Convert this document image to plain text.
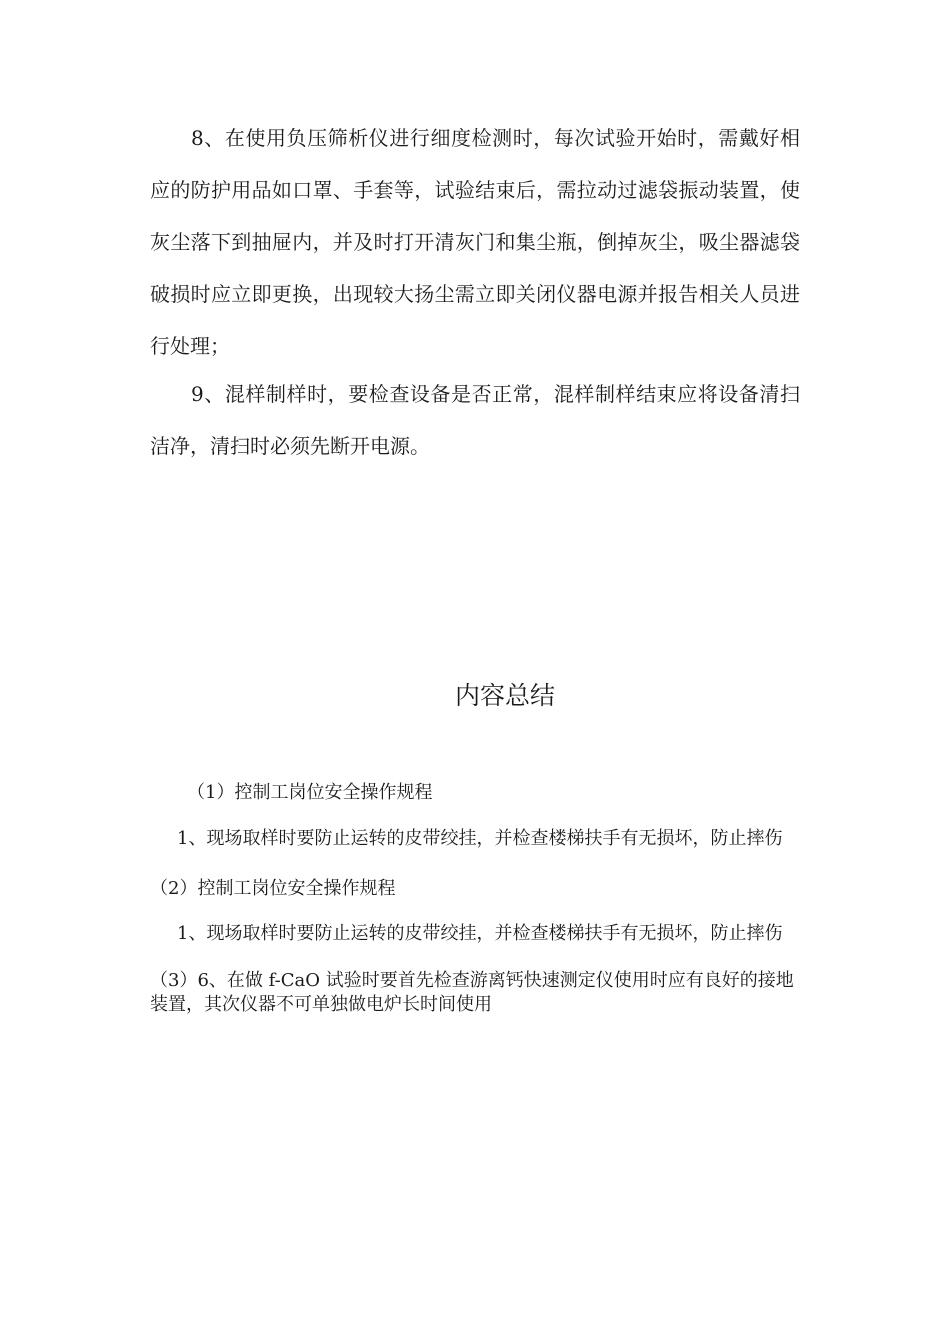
8、在使用负压筛析仪进行细度检测时，每次试验开始时，需戴好相应的防护用品如口罩、手套等，试验结束后，需拉动过滤袋振动装置，使灰尘落下到抽屉内，并及时打开清灰门和集尘瓶，倒掉灰尘，吸尘器滤袋破损时应立即更换，出现较大扬尘需立即关闭仪器电源并报告相关人员进行处理；

9、混样制样时，要检查设备是否正常，混样制样结束应将设备清扫洁净，清扫时必须先断开电源。

内容总结
（1）控制工岗位安全操作规程

1、现场取样时要防止运转的皮带绞挂，并检查楼梯扶手有无损坏，防止摔伤

（2）控制工岗位安全操作规程

1、现场取样时要防止运转的皮带绞挂，并检查楼梯扶手有无损坏，防止摔伤

（3）6、在做 f-CaO 试验时要首先检查游离钙快速测定仪使用时应有良好的接地装置，其次仪器不可单独做电炉长时间使用
